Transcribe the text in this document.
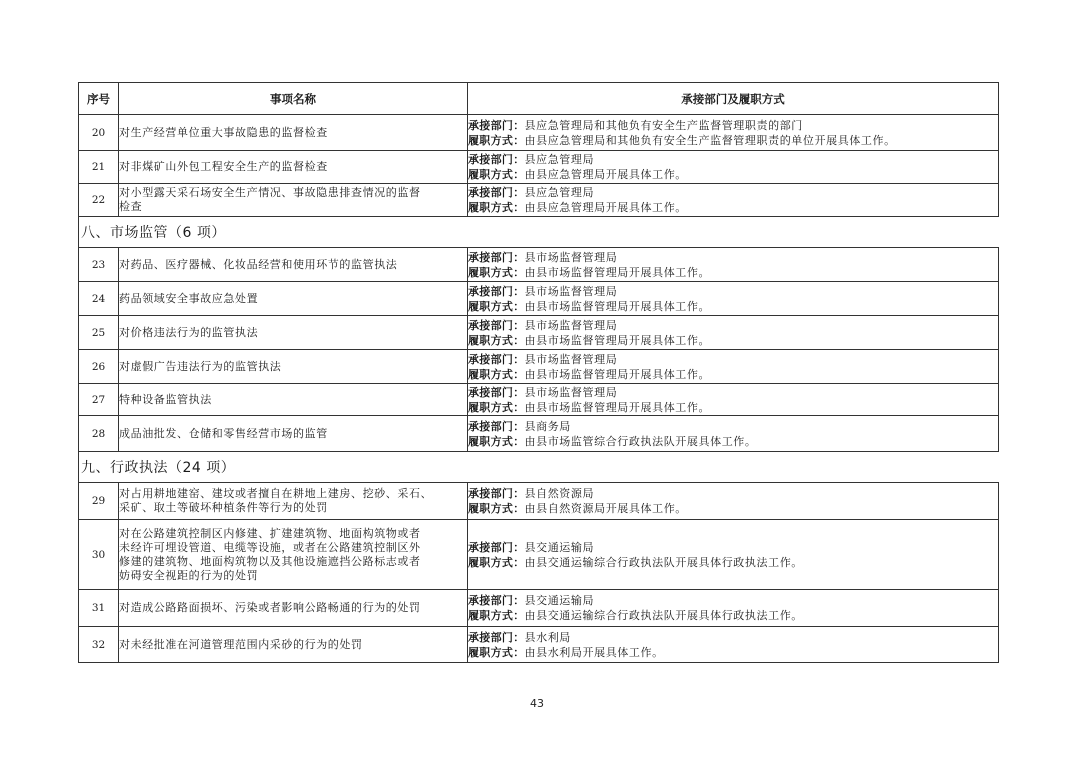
序号	事项名称	承接部门及履职方式
20	对生产经营单位重大事故隐患的监督检查	承接部门：县应急管理局和其他负有安全生产监督管理职责的部门
履职方式：由县应急管理局和其他负有安全生产监督管理职责的单位开展具体工作。

21	对非煤矿山外包工程安全生产的监督检查	承接部门：县应急管理局
履职方式：由县应急管理局开展具体工作。

22	对小型露天采石场安全生产情况、事故隐患排查情况的监督
检查	承接部门：县应急管理局
履职方式：由县应急管理局开展具体工作。

八、市场监管（6 项）		
23	对药品、医疗器械、化妆品经营和使用环节的监管执法	承接部门：县市场监督管理局
履职方式：由县市场监督管理局开展具体工作。

24	药品领域安全事故应急处置	承接部门：县市场监督管理局
履职方式：由县市场监督管理局开展具体工作。

25	对价格违法行为的监管执法	承接部门：县市场监督管理局
履职方式：由县市场监督管理局开展具体工作。

26	对虚假广告违法行为的监管执法	承接部门：县市场监督管理局
履职方式：由县市场监督管理局开展具体工作。

27	特种设备监管执法	承接部门：县市场监督管理局
履职方式：由县市场监督管理局开展具体工作。

28	成品油批发、仓储和零售经营市场的监管	承接部门：县商务局
履职方式：由县市场监管综合行政执法队开展具体工作。

九、行政执法（24 项）		
29	对占用耕地建窑、建坟或者擅自在耕地上建房、挖砂、采石、
采矿、取土等破坏种植条件等行为的处罚	承接部门：县自然资源局
履职方式：由县自然资源局开展具体工作。

30	对在公路建筑控制区内修建、扩建建筑物、地面构筑物或者
未经许可埋设管道、电缆等设施，或者在公路建筑控制区外
修建的建筑物、地面构筑物以及其他设施遮挡公路标志或者
妨碍安全视距的行为的处罚	承接部门：县交通运输局
履职方式：由县交通运输综合行政执法队开展具体行政执法工作。

31	对造成公路路面损坏、污染或者影响公路畅通的行为的处罚	承接部门：县交通运输局
履职方式：由县交通运输综合行政执法队开展具体行政执法工作。

32	对未经批准在河道管理范围内采砂的行为的处罚	承接部门：县水利局
履职方式：由县水利局开展具体工作。
43
